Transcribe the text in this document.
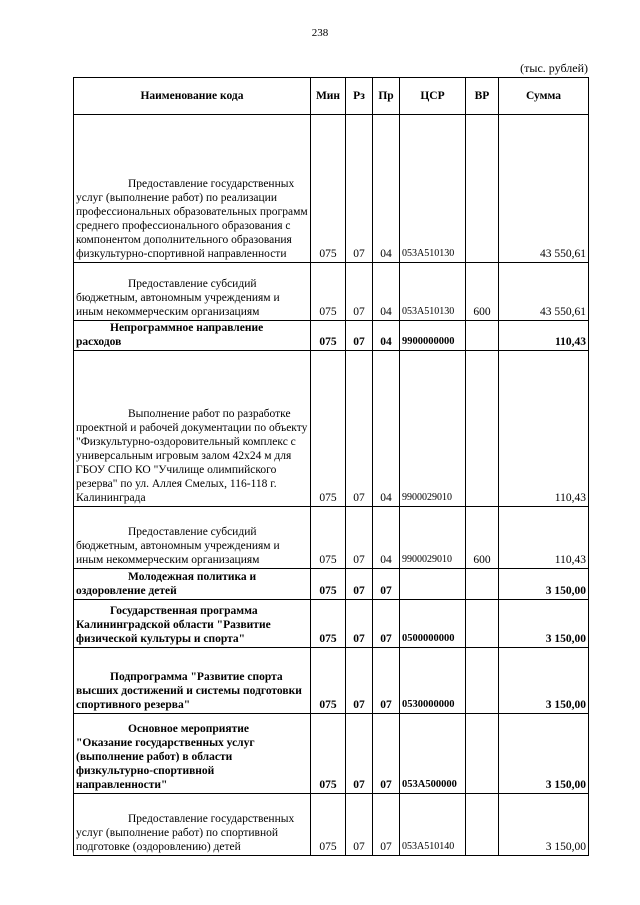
238
(тыс. рублей)
Наименование кода	Мин	Рз	Пр	ЦСР	ВР	Сумма
Предоставление государственных услуг (выполнение работ) по реализации профессиональных образовательных программ среднего профессионального образования с компонентом дополнительного образования физкультурно-спортивной направленности	075	07	04	053А510130		43 550,61
Предоставление субсидий бюджетным, автономным учреждениям и иным некоммерческим организациям	075	07	04	053А510130	600	43 550,61
Непрограммное направление расходов	075	07	04	9900000000		110,43
Выполнение работ по разработке проектной и рабочей документации по объекту "Физкультурно-оздоровительный комплекс с универсальным игровым залом 42х24 м для ГБОУ СПО КО "Училище олимпийского резерва" по ул. Аллея Смелых, 116-118 г. Калининграда	075	07	04	9900029010		110,43
Предоставление субсидий бюджетным, автономным учреждениям и иным некоммерческим организациям	075	07	04	9900029010	600	110,43
Молодежная политика и оздоровление детей	075	07	07			3 150,00
Государственная программа Калининградской области "Развитие физической культуры и спорта"	075	07	07	0500000000		3 150,00
Подпрограмма "Развитие спорта высших достижений и системы подготовки спортивного резерва"	075	07	07	0530000000		3 150,00
Основное мероприятие "Оказание государственных услуг (выполнение работ) в области физкультурно-спортивной направленности"	075	07	07	053А500000		3 150,00
Предоставление государственных услуг (выполнение работ) по спортивной подготовке (оздоровлению) детей	075	07	07	053А510140		3 150,00
